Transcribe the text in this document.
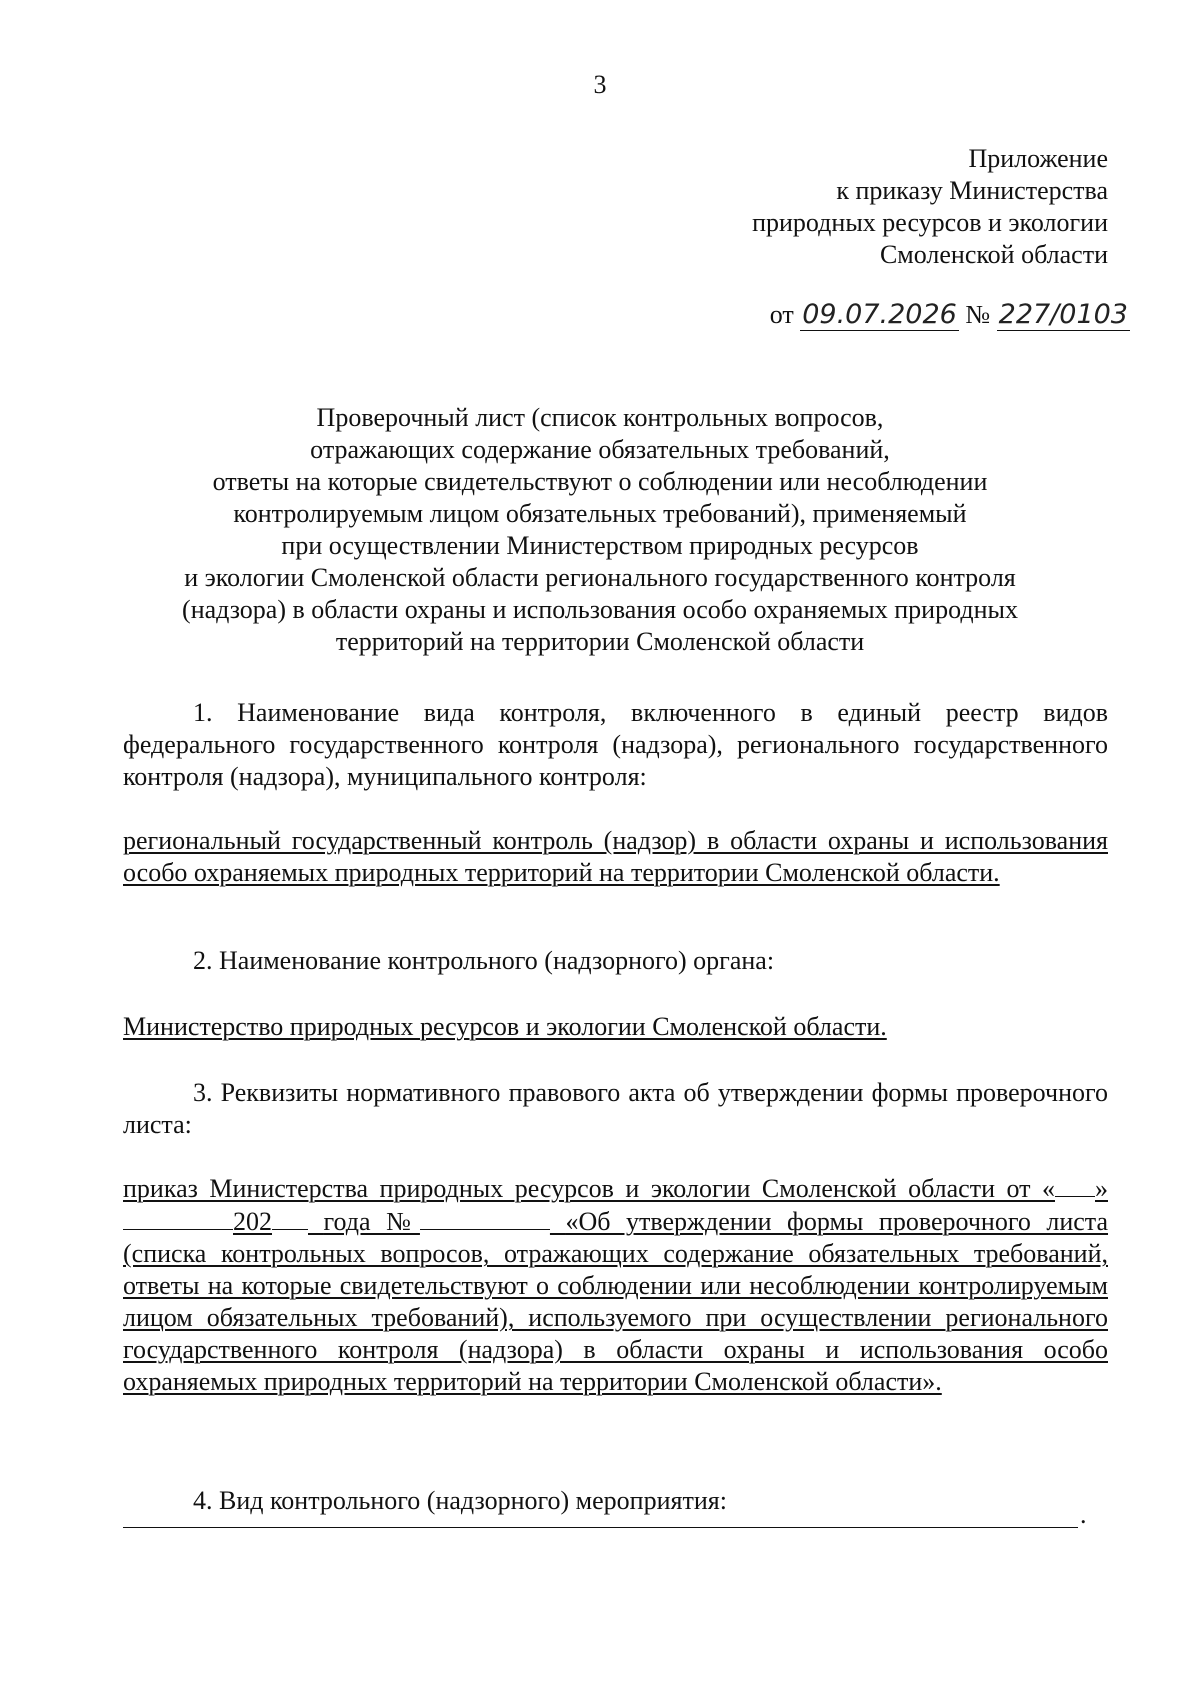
3
Приложение
к приказу Министерства
природных ресурсов и экологии
Смоленской области
от 09.07.2026 № 227/0103
Проверочный лист (список контрольных вопросов,
отражающих содержание обязательных требований,
ответы на которые свидетельствуют о соблюдении или несоблюдении
контролируемым лицом обязательных требований), применяемый
при осуществлении Министерством природных ресурсов
и экологии Смоленской области регионального государственного контроля
(надзора) в области охраны и использования особо охраняемых природных
территорий на территории Смоленской области
1. Наименование вида контроля, включенного в единый реестр видов федерального государственного контроля (надзора), регионального государственного контроля (надзора), муниципального контроля:
региональный государственный контроль (надзор) в области охраны и использования особо охраняемых природных территорий на территории Смоленской области.
2. Наименование контрольного (надзорного) органа:
Министерство природных ресурсов и экологии Смоленской области.
3. Реквизиты нормативного правового акта об утверждении формы проверочного листа:
приказ Министерства природных ресурсов и экологии Смоленской области от « »202 года №	«Об утверждении формы проверочного листа (списка контрольных вопросов, отражающих содержание обязательных требований, ответы на которые свидетельствуют о соблюдении или несоблюдении контролируемым лицом обязательных требований), используемого при осуществлении регионального государственного контроля (надзора) в области охраны и использования особо охраняемых природных территорий на территории Смоленской области».
4. Вид контрольного (надзорного) мероприятия:	.
